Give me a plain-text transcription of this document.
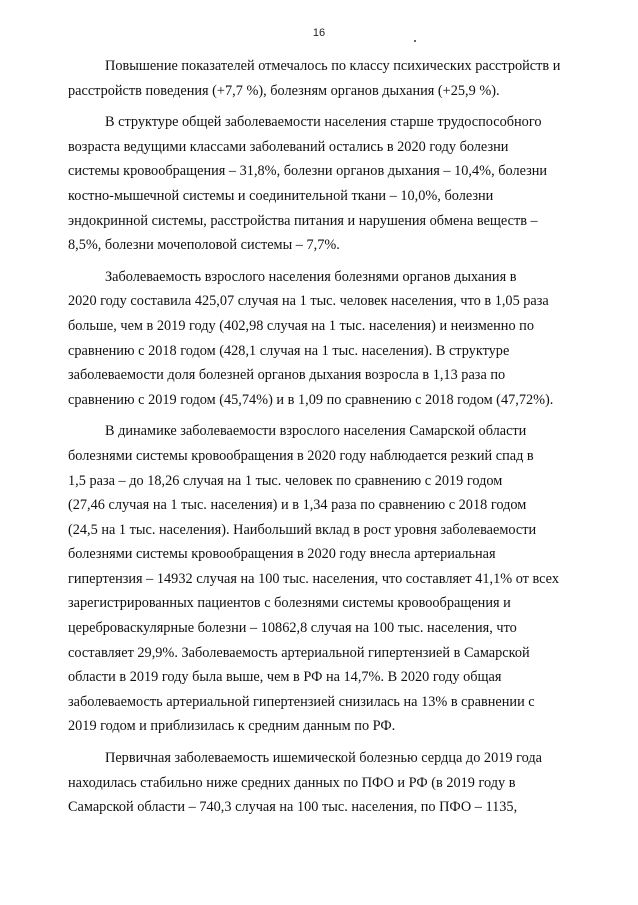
16

Повышение показателей отмечалось по классу психических расстройств и
расстройств поведения (+7,7 %), болезням органов дыхания (+25,9 %).

В структуре общей заболеваемости населения старше трудоспособного
возраста ведущими классами заболеваний остались в 2020 году болезни
системы кровообращения – 31,8%, болезни органов дыхания – 10,4%, болезни
костно-мышечной системы и соединительной ткани – 10,0%, болезни
эндокринной системы, расстройства питания и нарушения обмена веществ –
8,5%, болезни мочеполовой системы – 7,7%.

Заболеваемость взрослого населения болезнями органов дыхания в
2020 году составила 425,07 случая на 1 тыс. человек населения, что в 1,05 раза
больше, чем в 2019 году (402,98 случая на 1 тыс. населения) и неизменно по
сравнению с 2018 годом (428,1 случая на 1 тыс. населения). В структуре
заболеваемости доля болезней органов дыхания возросла в 1,13 раза по
сравнению с 2019 годом (45,74%) и в 1,09 по сравнению с 2018 годом (47,72%).

В динамике заболеваемости взрослого населения Самарской области
болезнями системы кровообращения в 2020 году наблюдается резкий спад в
1,5 раза – до 18,26 случая на 1 тыс. человек по сравнению с 2019 годом
(27,46 случая на 1 тыс. населения) и в 1,34 раза по сравнению с 2018 годом
(24,5 на 1 тыс. населения). Наибольший вклад в рост уровня заболеваемости
болезнями системы кровообращения в 2020 году внесла артериальная
гипертензия – 14932 случая на 100 тыс. населения, что составляет 41,1% от всех
зарегистрированных пациентов с болезнями системы кровообращения и
цереброваскулярные болезни – 10862,8 случая на 100 тыс. населения, что
составляет 29,9%. Заболеваемость артериальной гипертензией в Самарской
области в 2019 году была выше, чем в РФ на 14,7%. В 2020 году общая
заболеваемость артериальной гипертензией снизилась на 13% в сравнении с
2019 годом и приблизилась к средним данным по РФ.

Первичная заболеваемость ишемической болезнью сердца до 2019 года
находилась стабильно ниже средних данных по ПФО и РФ (в 2019 году в
Самарской области – 740,3 случая на 100 тыс. населения, по ПФО – 1135,
